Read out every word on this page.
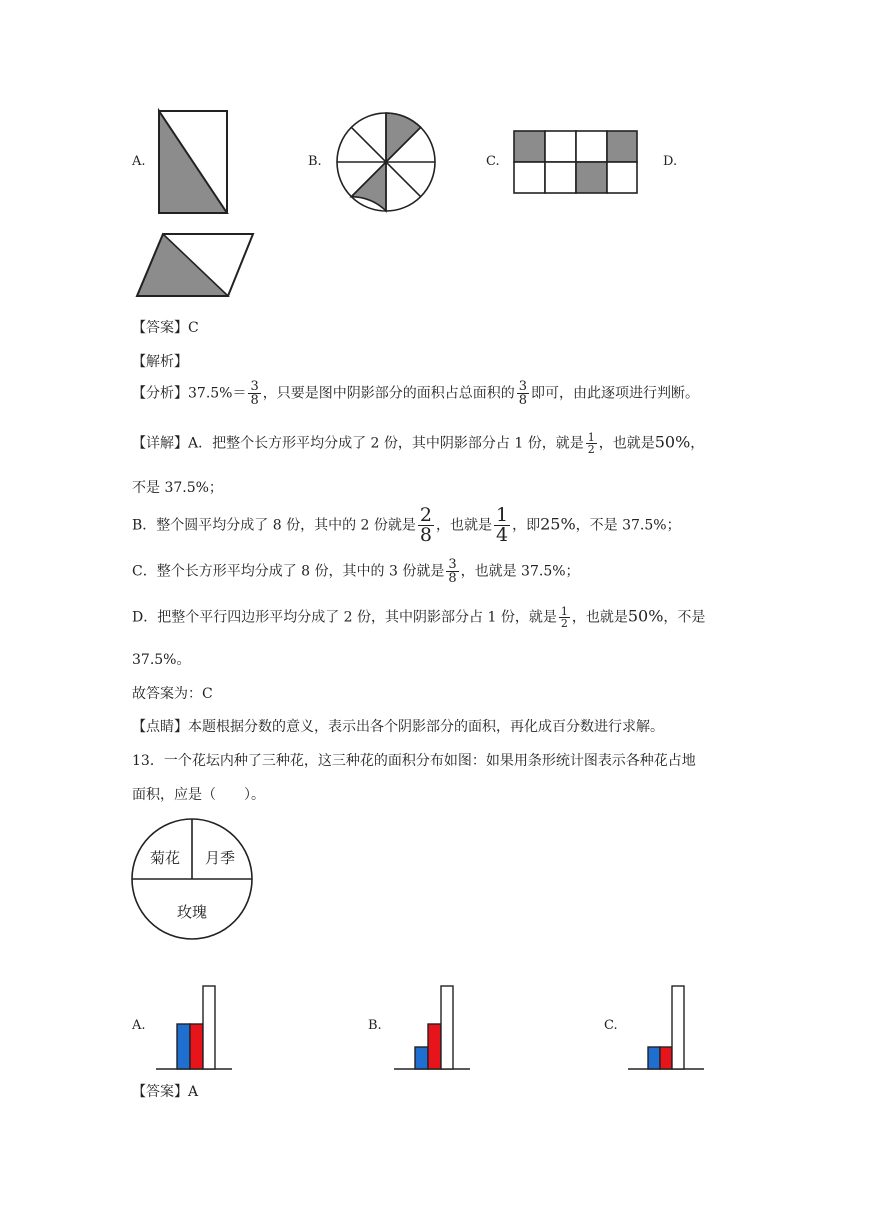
A.	B.	C.	D.
【答案】C
【解析】
【分析】$37.5\%= \frac{3}{8}$ ，只要是图中阴影部分的面积占总面积的 $\frac{3}{8}$ 即可，由此逐项进行判断。
【详解】A．把整个长方形平均分成了 2 份，其中阴影部分占 1 份，就是 $\frac{1}{2}$ ，也就是50%，
不是 37.5%；
B．整个圆平均分成了 8 份，其中的 2 份就是 $\frac{2}{8}$ ，也就是 $\frac{1}{4}$ ，即25%，不是 37.5%；
C．整个长方形平均分成了 8 份，其中的 3 份就是 $\frac{3}{8}$ ，也就是 37.5%；
D．把整个平行四边形平均分成了 2 份，其中阴影部分占 1 份，就是 $\frac{1}{2}$ ，也就是50%，不是
37.5%。
故答案为：C
【点睛】本题根据分数的意义，表示出各个阴影部分的面积，再化成百分数进行求解。
13．一个花坛内种了三种花，这三种花的面积分布如图：如果用条形统计图表示各种花占地
面积，应是（　　）。
菊花 月季
玫瑰
A.	B.	C.
【答案】A
